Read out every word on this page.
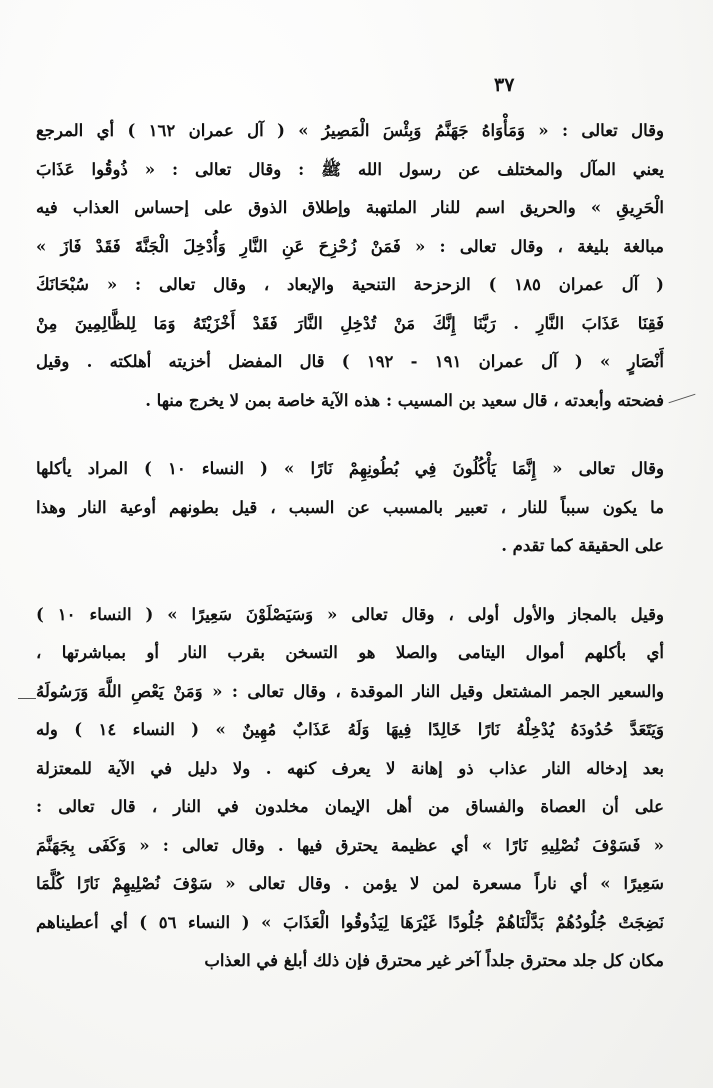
٣٧
وقال تعالى : « وَمَأْوَاهُ جَهَنَّمُ وَبِئْسَ الْمَصِيرُ » ( آل عمران ١٦٢ ) أي المرجع
يعني المآل والمختلف عن رسول الله ﷺ : وقال تعالى : « ذُوقُوا عَذَابَ
الْحَرِيقِ » والحريق اسم للنار الملتهبة وإطلاق الذوق على إحساس العذاب فيه
مبالغة بليغة ، وقال تعالى : « فَمَنْ زُحْزِحَ عَنِ النَّارِ وَأُدْخِلَ الْجَنَّةَ فَقَدْ فَازَ »
( آل عمران ١٨٥ ) الزحزحة التنحية والإبعاد ، وقال تعالى : « سُبْحَانَكَ
فَقِنَا عَذَابَ النَّارِ . رَبَّنَا إِنَّكَ مَنْ تُدْخِلِ النَّارَ فَقَدْ أَخْزَيْتَهُ وَمَا لِلظَّالِمِينَ مِنْ
أَنْصَارٍ » ( آل عمران ١٩١ - ١٩٢ ) قال المفضل أخزيته أهلكته . وقيل
فضحته وأبعدته ، قال سعيد بن المسيب : هذه الآية خاصة بمن لا يخرج منها .
وقال تعالى « إِنَّمَا يَأْكُلُونَ فِي بُطُونِهِمْ نَارًا » ( النساء ١٠ ) المراد يأكلها
ما يكون سبباً للنار ، تعبير بالمسبب عن السبب ، قيل بطونهم أوعية النار وهذا
على الحقيقة كما تقدم .
وقيل بالمجاز والأول أولى ، وقال تعالى « وَسَيَصْلَوْنَ سَعِيرًا » ( النساء ١٠ )
أي بأكلهم أموال اليتامى والصلا هو التسخن بقرب النار أو بمباشرتها ،
والسعير الجمر المشتعل وقيل النار الموقدة ، وقال تعالى : « وَمَنْ يَعْصِ اللَّهَ وَرَسُولَهُ
وَيَتَعَدَّ حُدُودَهُ يُدْخِلْهُ نَارًا خَالِدًا فِيهَا وَلَهُ عَذَابٌ مُهِينٌ » ( النساء ١٤ ) وله
بعد إدخاله النار عذاب ذو إهانة لا يعرف كنهه . ولا دليل في الآية للمعتزلة
على أن العصاة والفساق من أهل الإيمان مخلدون في النار ، قال تعالى :
« فَسَوْفَ نُصْلِيهِ نَارًا » أي عظيمة يحترق فيها . وقال تعالى : « وَكَفَى بِجَهَنَّمَ
سَعِيرًا » أي ناراً مسعرة لمن لا يؤمن . وقال تعالى « سَوْفَ نُصْلِيهِمْ نَارًا كُلَّمَا
نَضِجَتْ جُلُودُهُمْ بَدَّلْنَاهُمْ جُلُودًا غَيْرَهَا لِيَذُوقُوا الْعَذَابَ » ( النساء ٥٦ ) أي أعطيناهم
مكان كل جلد محترق جلداً آخر غير محترق فإن ذلك أبلغ في العذاب
